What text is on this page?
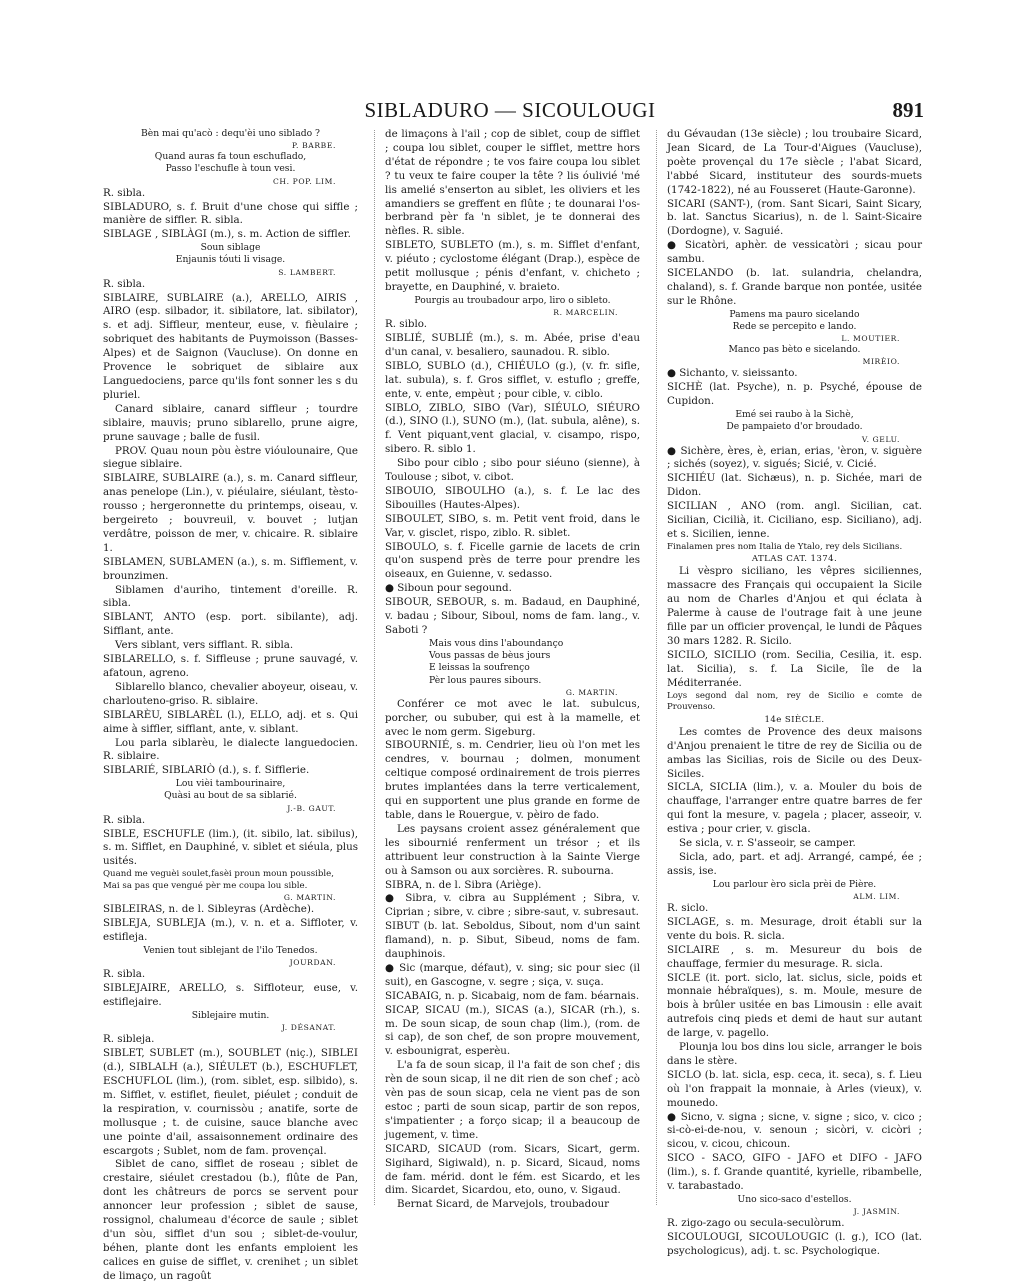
SIBLADURO — SICOULOUGI	891

Bèn mai qu'acò : dequ'èi uno siblado ?

P. BARBE.

Quand auras fa toun eschuflado,

Passo l'eschufle à toun vesi.

CH. POP. LIM.

R. sibla.

SIBLADURO, s. f. Bruit d'une chose qui siffle ; manière de siffler. R. sibla.

SIBLAGE , SIBLÀGI (m.), s. m. Action de siffler.

Soun siblage

Enjaunis tóuti li visage.

S. LAMBERT.

R. sibla.

SIBLAIRE, SUBLAIRE (a.), ARELLO, AIRIS , AIRO (esp. silbador, it. sibilatore, lat. sibilator), s. et adj. Siffleur, menteur, euse, v. fièulaire ; sobriquet des habitants de Puymoisson (Basses-Alpes) et de Saignon (Vaucluse). On donne en Provence le sobriquet de siblaire aux Languedociens, parce qu'ils font sonner les s du pluriel.

Canard siblaire, canard siffleur ; tourdre siblaire, mauvis; pruno siblarello, prune aigre, prune sauvage ; balle de fusil.

PROV. Quau noun pòu èstre vióulounaire, Que siegue siblaire.

SIBLAIRE, SUBLAIRE (a.), s. m. Canard siffleur, anas penelope (Lin.), v. piéulaire, siéulant, tèsto-rousso ; hergeronnette du printemps, oiseau, v. bergeireto ; bouvreuil, v. bouvet ; lutjan verdâtre, poisson de mer, v. chicaire. R. siblaire 1.

SIBLAMEN, SUBLAMEN (a.), s. m. Sifflement, v. brounzimen.

Siblamen d'auriho, tintement d'oreille. R. sibla.

SIBLANT, ANTO (esp. port. sibilante), adj. Sifflant, ante.

Vers siblant, vers sifflant. R. sibla.

SIBLARELLO, s. f. Siffleuse ; prune sauvagé, v. afatoun, agreno.

Siblarello blanco, chevalier aboyeur, oiseau, v. charlouteno-griso. R. siblaire.

SIBLARÈU, SIBLARÈL (l.), ELLO, adj. et s. Qui aime à siffler, sifflant, ante, v. siblant.

Lou parla siblarèu, le dialecte languedocien. R. siblaire.

SIBLARIÉ, SIBLARIÒ (d.), s. f. Sifflerie.

Lou vièi tambourinaire,

Quàsi au bout de sa siblarié.

J.-B. GAUT.

R. sibla.

SIBLE, ESCHUFLE (lim.), (it. sibilo, lat. sibilus), s. m. Sifflet, en Dauphiné, v. siblet et siéula, plus usités.

Quand me veguèi soulet,fasèi proun moun poussible,

Mai sa pas que vengué pèr me coupa lou sible.

G. MARTIN.

SIBLEIRAS, n. de l. Sibleyras (Ardèche).

SIBLEJA, SUBLEJA (m.), v. n. et a. Siffloter, v. estifleja.

Venien tout siblejant de l'ilo Tenedos.

JOURDAN.

R. sibla.

SIBLEJAIRE, ARELLO, s. Siffloteur, euse, v. estiflejaire.

Siblejaire mutin.

J. DÉSANAT.

R. sibleja.

SIBLET, SUBLET (m.), SOUBLET (niç.), SIBLEI (d.), SIBLALH (a.), SIÉULET (b.), ESCHUFLET, ESCHUFLOL (lim.), (rom. siblet, esp. silbido), s. m. Sifflet, v. estiflet, fieulet, piéulet ; conduit de la respiration, v. cournissòu ; anatife, sorte de mollusque ; t. de cuisine, sauce blanche avec une pointe d'ail, assaisonnement ordinaire des escargots ; Sublet, nom de fam. provençal.

Siblet de cano, sifflet de roseau ; siblet de crestaire, siéulet crestadou (b.), flûte de Pan, dont les châtreurs de porcs se servent pour annoncer leur profession ; siblet de sause, rossignol, chalumeau d'écorce de saule ; siblet d'un sòu, sifflet d'un sou ; siblet-de-voulur, béhen, plante dont les enfants emploient les calices en guise de sifflet, v. crenihet ; un siblet de limaço, un ragoût

de limaçons à l'ail ; cop de siblet, coup de sifflet ; coupa lou siblet, couper le sifflet, mettre hors d'état de répondre ; te vos faire coupa lou siblet ? tu veux te faire couper la tête ? lis óulivié 'mé lis amelié s'enserton au siblet, les oliviers et les amandiers se greffent en flûte ; te dounarai l'os-berbrand pèr fa 'n siblet, je te donnerai des nèfles. R. sible.

SIBLETO, SUBLETO (m.), s. m. Sifflet d'enfant, v. piéuto ; cyclostome élégant (Drap.), espèce de petit mollusque ; pénis d'enfant, v. chicheto ; brayette, en Dauphiné, v. braieto.

Pourgis au troubadour arpo, liro o sibleto.

R. MARCELIN.

R. siblo.

SIBLIÉ, SUBLIÉ (m.), s. m. Abée, prise d'eau d'un canal, v. besaliero, saunadou. R. siblo.

SIBLO, SUBLO (d.), CHIÉULO (g.), (v. fr. sifle, lat. subula), s. f. Gros sifflet, v. estuflo ; greffe, ente, v. ente, empèut ; pour cible, v. ciblo.

SIBLO, ZIBLO, SIBO (Var), SIÉULO, SIÉURO (d.), SINO (l.), SUNO (m.), (lat. subula, alêne), s. f. Vent piquant,vent glacial, v. cisampo, rispo, sibero. R. siblo 1.

Sibo pour ciblo ; sibo pour siéuno (sienne), à Toulouse ; sibot, v. cibot.

SIBOUIO, SIBOULHO (a.), s. f. Le lac des Sibouilles (Hautes-Alpes).

SIBOULET, SIBO, s. m. Petit vent froid, dans le Var, v. gisclet, rispo, ziblo. R. siblet.

SIBOULO, s. f. Ficelle garnie de lacets de crin qu'on suspend près de terre pour prendre les oiseaux, en Guienne, v. sedasso.

● Siboun pour segound.

SIBOUR, SEBOUR, s. m. Badaud, en Dauphiné, v. badau ; Sibour, Siboul, noms de fam. lang., v. Saboti ?

Mais vous dins l'aboundanço

Vous passas de bèus jours

E leissas la soufrenço

Pèr lous paures sibours.

G. MARTIN.

Conférer ce mot avec le lat. subulcus, porcher, ou sububer, qui est à la mamelle, et avec le nom germ. Sigeburg.

SIBOURNIÉ, s. m. Cendrier, lieu où l'on met les cendres, v. bournau ; dolmen, monument celtique composé ordinairement de trois pierres brutes implantées dans la terre verticalement, qui en supportent une plus grande en forme de table, dans le Rouergue, v. pèiro de fado.

Les paysans croient assez généralement que les sibournié renferment un trésor ; et ils attribuent leur construction à la Sainte Vierge ou à Samson ou aux sorcières. R. subourna.

SIBRA, n. de l. Sibra (Ariège).

● Sibra, v. cibra au Supplément ; Sibra, v. Ciprian ; sibre, v. cibre ; sibre-saut, v. subresaut.

SIBUT (b. lat. Seboldus, Sibout, nom d'un saint flamand), n. p. Sibut, Sibeud, noms de fam. dauphinois.

● Sic (marque, défaut), v. sing; sic pour siec (il suit), en Gascogne, v. segre ; siça, v. suça.

SICABAIG, n. p. Sicabaig, nom de fam. béarnais.

SICAP, SICAU (m.), SICAS (a.), SICAR (rh.), s. m. De soun sicap, de soun chap (lim.), (rom. de si cap), de son chef, de son propre mouvement, v. esbounigrat, esperèu.

L'a fa de soun sicap, il l'a fait de son chef ; dis rèn de soun sicap, il ne dit rien de son chef ; acò vèn pas de soun sicap, cela ne vient pas de son estoc ; parti de soun sicap, partir de son repos, s'impatienter ; a forço sicap; il a beaucoup de jugement, v. tìme.

SICARD, SICAUD (rom. Sicars, Sicart, germ. Sigihard, Sigiwald), n. p. Sicard, Sicaud, noms de fam. mérid. dont le fém. est Sicardo, et les dim. Sicardet, Sicardou, eto, ouno, v. Sigaud.

Bernat Sicard, de Marvejols, troubadour

du Gévaudan (13e siècle) ; lou troubaire Sicard, Jean Sicard, de La Tour-d'Aigues (Vaucluse), poète provençal du 17e siècle ; l'abat Sicard, l'abbé Sicard, instituteur des sourds-muets (1742-1822), né au Fousseret (Haute-Garonne).

SICARI (SANT-), (rom. Sant Sicari, Saint Sicary, b. lat. Sanctus Sicarius), n. de l. Saint-Sicaire (Dordogne), v. Saguié.

● Sicatòri, aphèr. de vessicatòri ; sicau pour sambu.

SICELANDO (b. lat. sulandria, chelandra, chaland), s. f. Grande barque non pontée, usitée sur le Rhône.

Pamens ma pauro sicelando

Rede se percepito e lando.

L. MOUTIER.

Manco pas bèto e sicelando.

MIRÈIO.

● Sichanto, v. sieissanto.

SICHÈ (lat. Psyche), n. p. Psyché, épouse de Cupidon.

Emé sei raubo à la Sichè,

De pampaieto d'or broudado.

V. GELU.

● Sichère, ères, è, erian, erias, 'èron, v. siguère ; sichés (soyez), v. sigués; Sicié, v. Cicié.

SICHIÉU (lat. Sichæus), n. p. Sichée, mari de Didon.

SICILIAN , ANO (rom. angl. Sicilian, cat. Sicilian, Cicilià, it. Ciciliano, esp. Siciliano), adj. et s. Sicilien, ienne.

Finalamen pres nom Italia de Ytalo, rey dels Sicilians.

ATLAS CAT. 1374.

Li vèspro siciliano, les vêpres siciliennes, massacre des Français qui occupaient la Sicile au nom de Charles d'Anjou et qui éclata à Palerme à cause de l'outrage fait à une jeune fille par un officier provençal, le lundi de Pâques 30 mars 1282. R. Sicilo.

SICILO, SICILIO (rom. Secilia, Cesilia, it. esp. lat. Sicilia), s. f. La Sicile, île de la Méditerranée.

Loys segond dal nom, rey de Sicilio e comte de Prouvenso.

14e SIÈCLE.

Les comtes de Provence des deux maisons d'Anjou prenaient le titre de rey de Sicilia ou de ambas las Sicilias, rois de Sicile ou des Deux-Siciles.

SICLA, SICLIA (lim.), v. a. Mouler du bois de chauffage, l'arranger entre quatre barres de fer qui font la mesure, v. pagela ; placer, asseoir, v. estiva ; pour crier, v. giscla.

Se sicla, v. r. S'asseoir, se camper.

Sicla, ado, part. et adj. Arrangé, campé, ée ; assis, ise.

Lou parlour èro sicla prèi de Pière.

ALM. LIM.

R. siclo.

SICLAGE, s. m. Mesurage, droit établi sur la vente du bois. R. sicla.

SICLAIRE , s. m. Mesureur du bois de chauffage, fermier du mesurage. R. sicla.

SICLE (it. port. siclo, lat. siclus, sicle, poids et monnaie hébraïques), s. m. Moule, mesure de bois à brûler usitée en bas Limousin : elle avait autrefois cinq pieds et demi de haut sur autant de large, v. pagello.

Plounja lou bos dins lou sicle, arranger le bois dans le stère.

SICLO (b. lat. sicla, esp. ceca, it. seca), s. f. Lieu où l'on frappait la monnaie, à Arles (vieux), v. mounedo.

● Sicno, v. signa ; sicne, v. signe ; sico, v. cico ; si-cò-ei-de-nou, v. senoun ; sicòri, v. cicòri ; sicou, v. cicou, chicoun.

SICO - SACO, GIFO - JAFO et DIFO - JAFO (lim.), s. f. Grande quantité, kyrielle, ribambelle, v. tarabastado.

Uno sico-saco d'estellos.

J. JASMIN.

R. zigo-zago ou secula-seculòrum.

SICOULOUGI, SICOULOUGIC (l. g.), ICO (lat. psychologicus), adj. t. sc. Psychologique.
